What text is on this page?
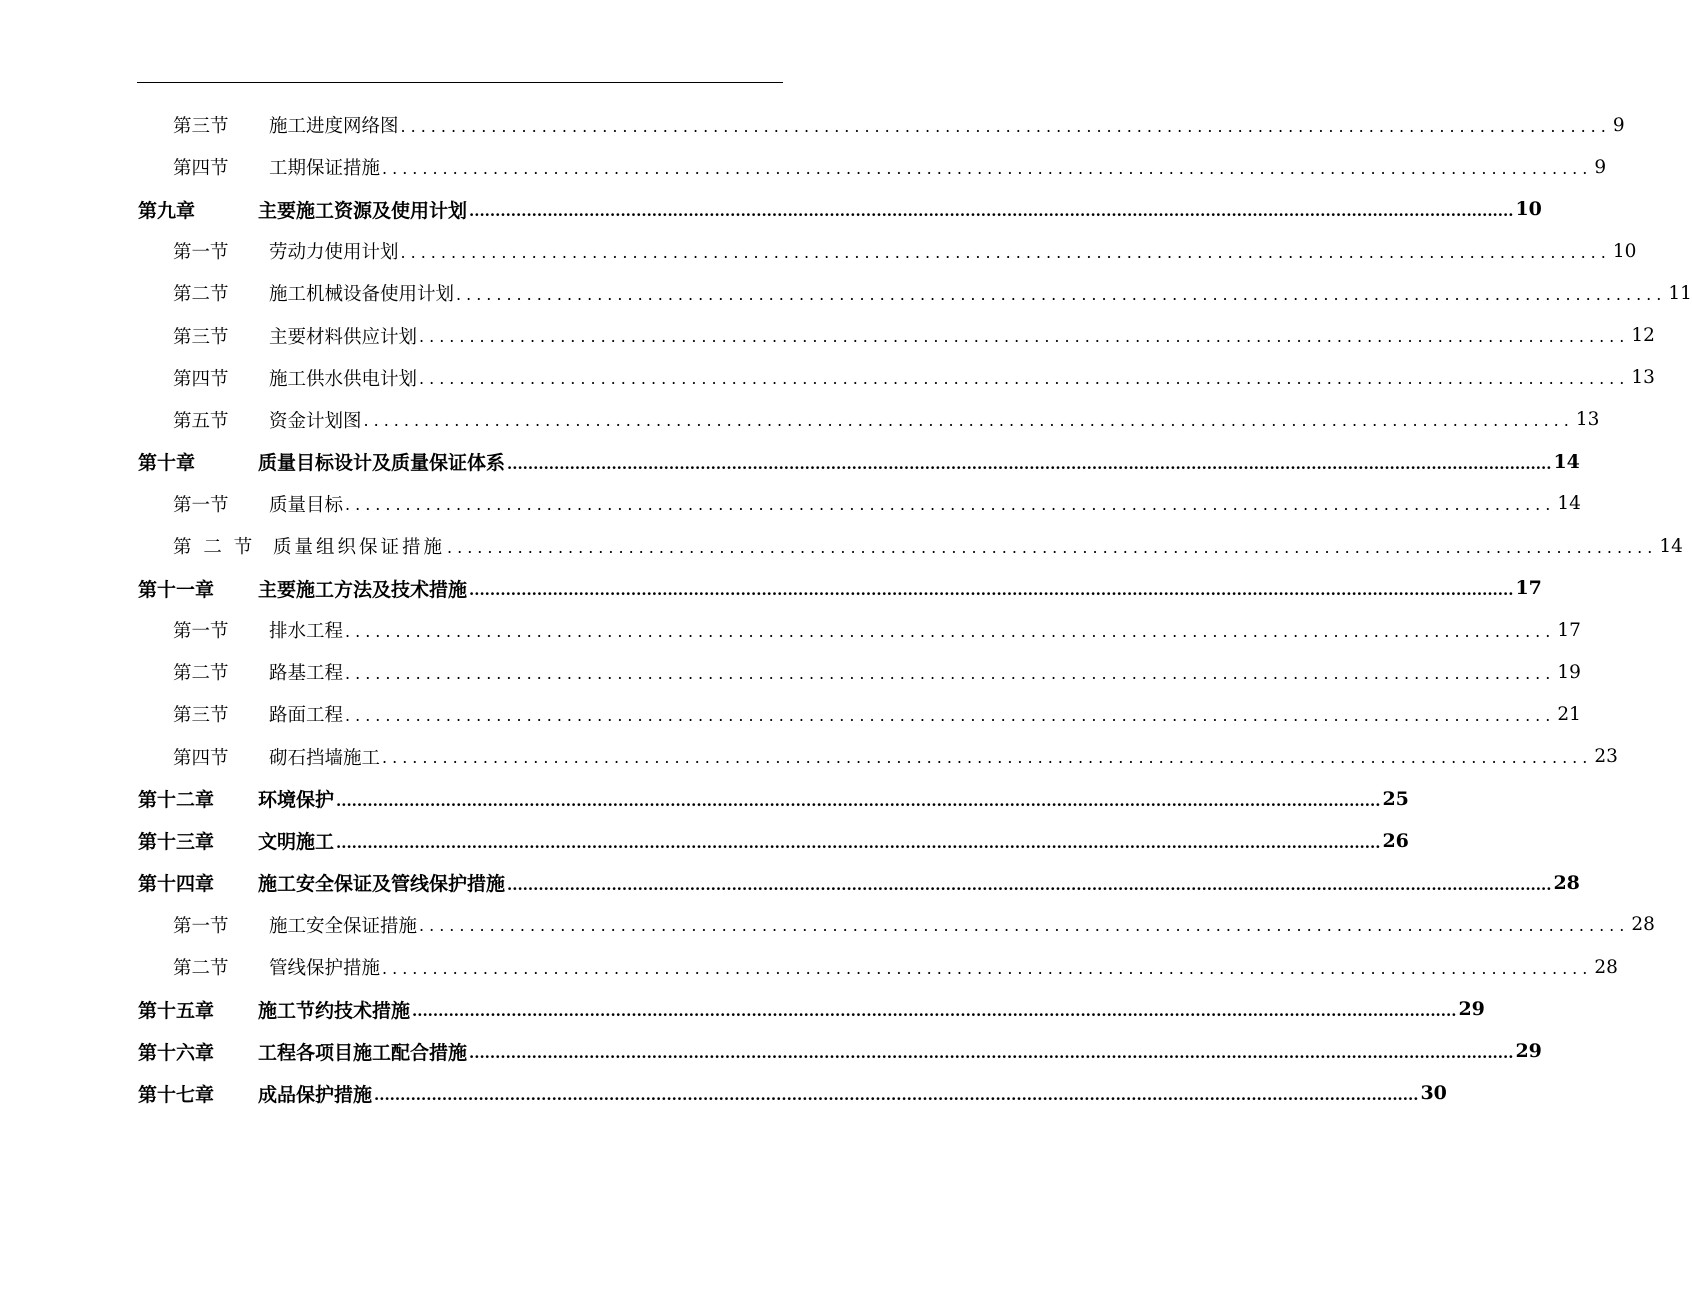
第三节	施工进度网络图 ........................................................................................................................ 9
第四节	工期保证措施 ........................................................................................................................ 9
第九章	主要施工资源及使用计划 ........................................................................................................................................................................................................ 10
第一节	劳动力使用计划 ........................................................................................................................ 10
第二节	施工机械设备使用计划 ........................................................................................................................ 11
第三节	主要材料供应计划 ........................................................................................................................ 12
第四节	施工供水供电计划 ........................................................................................................................ 13
第五节	资金计划图 ........................................................................................................................ 13
第十章	质量目标设计及质量保证体系 ........................................................................................................................................................................................................ 14
第一节	质量目标 ........................................................................................................................ 14
第 二 节 质量组织保证措施 ........................................................................................................................ 14
第十一章	主要施工方法及技术措施 ........................................................................................................................................................................................................ 17
第一节	排水工程 ........................................................................................................................ 17
第二节	路基工程 ........................................................................................................................ 19
第三节	路面工程 ........................................................................................................................ 21
第四节	砌石挡墙施工 ........................................................................................................................ 23
第十二章	环境保护 ........................................................................................................................................................................................................ 25
第十三章	文明施工 ........................................................................................................................................................................................................ 26
第十四章	施工安全保证及管线保护措施 ........................................................................................................................................................................................................ 28
第一节	施工安全保证措施 ........................................................................................................................ 28
第二节	管线保护措施 ........................................................................................................................ 28
第十五章	施工节约技术措施 ........................................................................................................................................................................................................ 29
第十六章	工程各项目施工配合措施 ........................................................................................................................................................................................................ 29
第十七章	成品保护措施 ........................................................................................................................................................................................................ 30
